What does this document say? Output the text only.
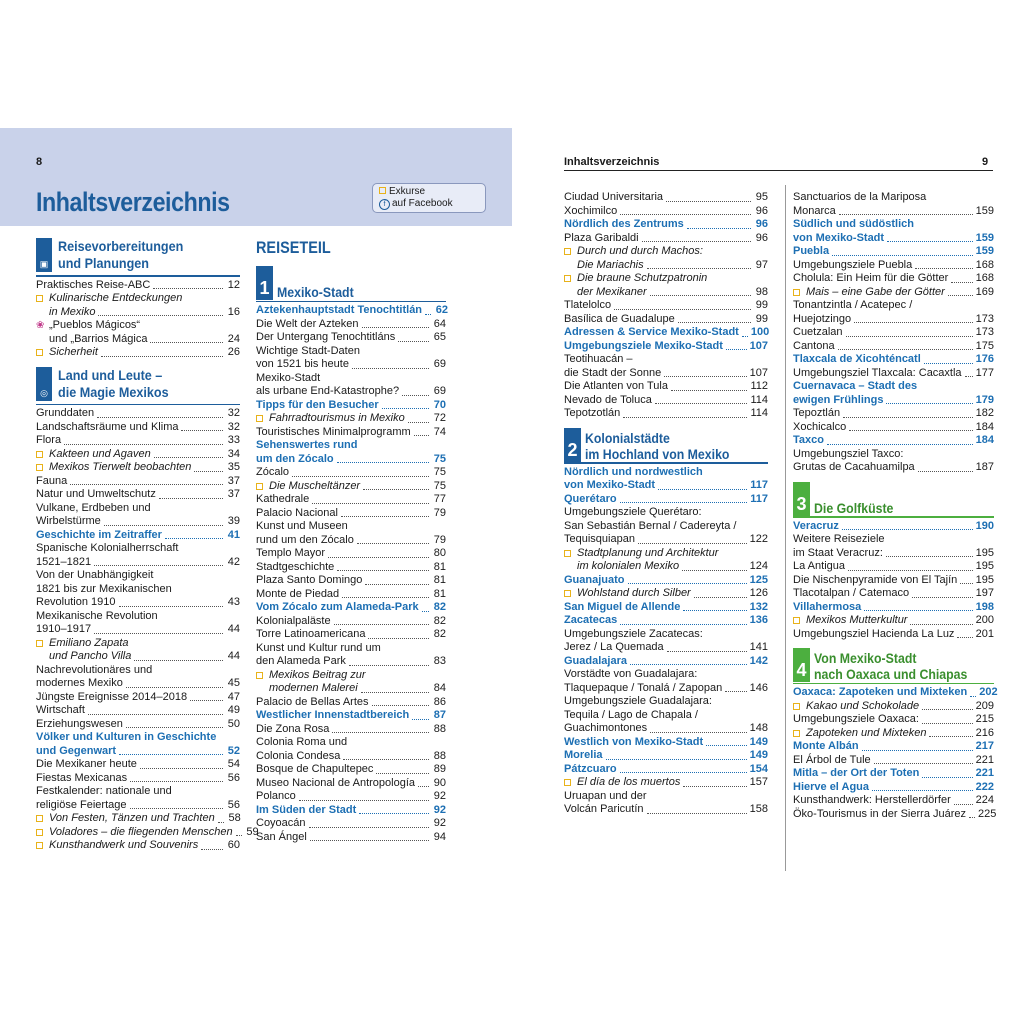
8
Inhaltsverzeichnis	Exkurse
f auf Facebook
Inhaltsverzeichnis	9
REISETEIL
▣
Reisevorbereitungen
und Planungen
Praktisches Reise-ABC	12
Kulinarische Entdeckungen
in Mexiko	16
❀ „Pueblos Mágicos“
und „Barrios Mágica	24
Sicherheit	26
◎
Land und Leute –
die Magie Mexikos
Grunddaten	32
Landschaftsräume und Klima	32
Flora	33
Kakteen und Agaven	34
Mexikos Tierwelt beobachten	35
Fauna	37
Natur und Umweltschutz	37
Vulkane, Erdbeben und
Wirbelstürme	39
Geschichte im Zeitraffer	41
Spanische Kolonialherrschaft
1521–1821	42
Von der Unabhängigkeit
1821 bis zur Mexikanischen
Revolution 1910	43
Mexikanische Revolution
1910–1917	44
Emiliano Zapata
und Pancho Villa	44
Nachrevolutionäres und
modernes Mexiko	45
Jüngste Ereignisse 2014–2018	47
Wirtschaft	49
Erziehungswesen	50
Völker und Kulturen in Geschichte
und Gegenwart	52
Die Mexikaner heute	54
Fiestas Mexicanas	56
Festkalender: nationale und
religiöse Feiertage	56
Von Festen, Tänzen und Trachten 58
Voladores – die fliegenden Menschen 59
Kunsthandwerk und Souvenirs	60
1 Mexiko-Stadt
Aztekenhauptstadt Tenochtitlán 62
Die Welt der Azteken	64
Der Untergang Tenochtitláns	65
Wichtige Stadt-Daten
von 1521 bis heute	69
Mexiko-Stadt
als urbane End-Katastrophe?	69
Tipps für den Besucher	70
Fahrradtourismus in Mexiko	72
Touristisches Minimalprogramm 74
Sehenswertes rund
um den Zócalo	75
Zócalo	75
Die Muscheltänzer	75
Kathedrale	77
Palacio Nacional	79
Kunst und Museen
rund um den Zócalo	79
Templo Mayor	80
Stadtgeschichte	81
Plaza Santo Domingo	81
Monte de Piedad	81
Vom Zócalo zum Alameda-Park 82
Kolonialpaläste	82
Torre Latinoamericana	82
Kunst und Kultur rund um
den Alameda Park	83
Mexikos Beitrag zur
modernen Malerei	84
Palacio de Bellas Artes	86
Westlicher Innenstadtbereich 87
Die Zona Rosa	88
Colonia Roma und
Colonia Condesa	88
Bosque de Chapultepec	89
Museo Nacional de Antropología 90
Polanco	92
Im Süden der Stadt	92
Coyoacán	92
San Ángel	94
Ciudad Universitaria	95
Xochimilco	96
Nördlich des Zentrums	96
Plaza Garibaldi	96
Durch und durch Machos:
Die Mariachis	97
Die braune Schutzpatronin
der Mexikaner	98
Tlatelolco	99
Basílica de Guadalupe	99
Adressen & Service Mexiko-Stadt 100
Umgebungsziele Mexiko-Stadt 107
Teotihuacán –
die Stadt der Sonne	107
Die Atlanten von Tula	112
Nevado de Toluca	114
Tepotzotlán	114
2
Kolonialstädte
im Hochland von Mexiko
Nördlich und nordwestlich
von Mexiko-Stadt	117
Querétaro	117
Umgebungsziele Querétaro:
San Sebastián Bernal / Cadereyta /
Tequisquiapan	122
Stadtplanung und Architektur
im kolonialen Mexiko	124
Guanajuato	125
Wohlstand durch Silber	126
San Miguel de Allende	132
Zacatecas	136
Umgebungsziele Zacatecas:
Jerez / La Quemada	141
Guadalajara	142
Vorstädte von Guadalajara:
Tlaquepaque / Tonalá / Zapopan 146
Umgebungsziele Guadalajara:
Tequila / Lago de Chapala /
Guachimontones	148
Westlich von Mexiko-Stadt	149
Morelia	149
Pátzcuaro	154
El día de los muertos	157
Uruapan und der
Volcán Paricutín	158
Sanctuarios de la Mariposa
Monarca	159
Südlich und südöstlich
von Mexiko-Stadt	159
Puebla	159
Umgebungsziele Puebla	168
Cholula: Ein Heim für die Götter 168
Mais – eine Gabe der Götter	169
Tonantzintla / Acatepec /
Huejotzingo	173
Cuetzalan	173
Cantona	175
Tlaxcala de Xicohténcatl	176
Umgebungsziel Tlaxcala: Cacaxtla 177
Cuernavaca – Stadt des
ewigen Frühlings	179
Tepoztlán	182
Xochicalco	184
Taxco	184
Umgebungsziel Taxco:
Grutas de Cacahuamilpa	187
3 Die Golfküste
Veracruz	190
Weitere Reiseziele
im Staat Veracruz:	195
La Antigua	195
Die Nischenpyramide von El Tajín 195
Tlacotalpan / Catemaco	197
Villahermosa	198
Mexikos Mutterkultur	200
Umgebungsziel Hacienda La Luz 201
4
Von Mexiko-Stadt
nach Oaxaca und Chiapas
Oaxaca: Zapoteken und Mixteken 202
Kakao und Schokolade	209
Umgebungsziele Oaxaca:	215
Zapoteken und Mixteken	216
Monte Albán	217
El Árbol de Tule	221
Mitla – der Ort der Toten	221
Hierve el Agua	222
Kunsthandwerk: Herstellerdörfer 224
Öko-Tourismus in der Sierra Juárez 225
